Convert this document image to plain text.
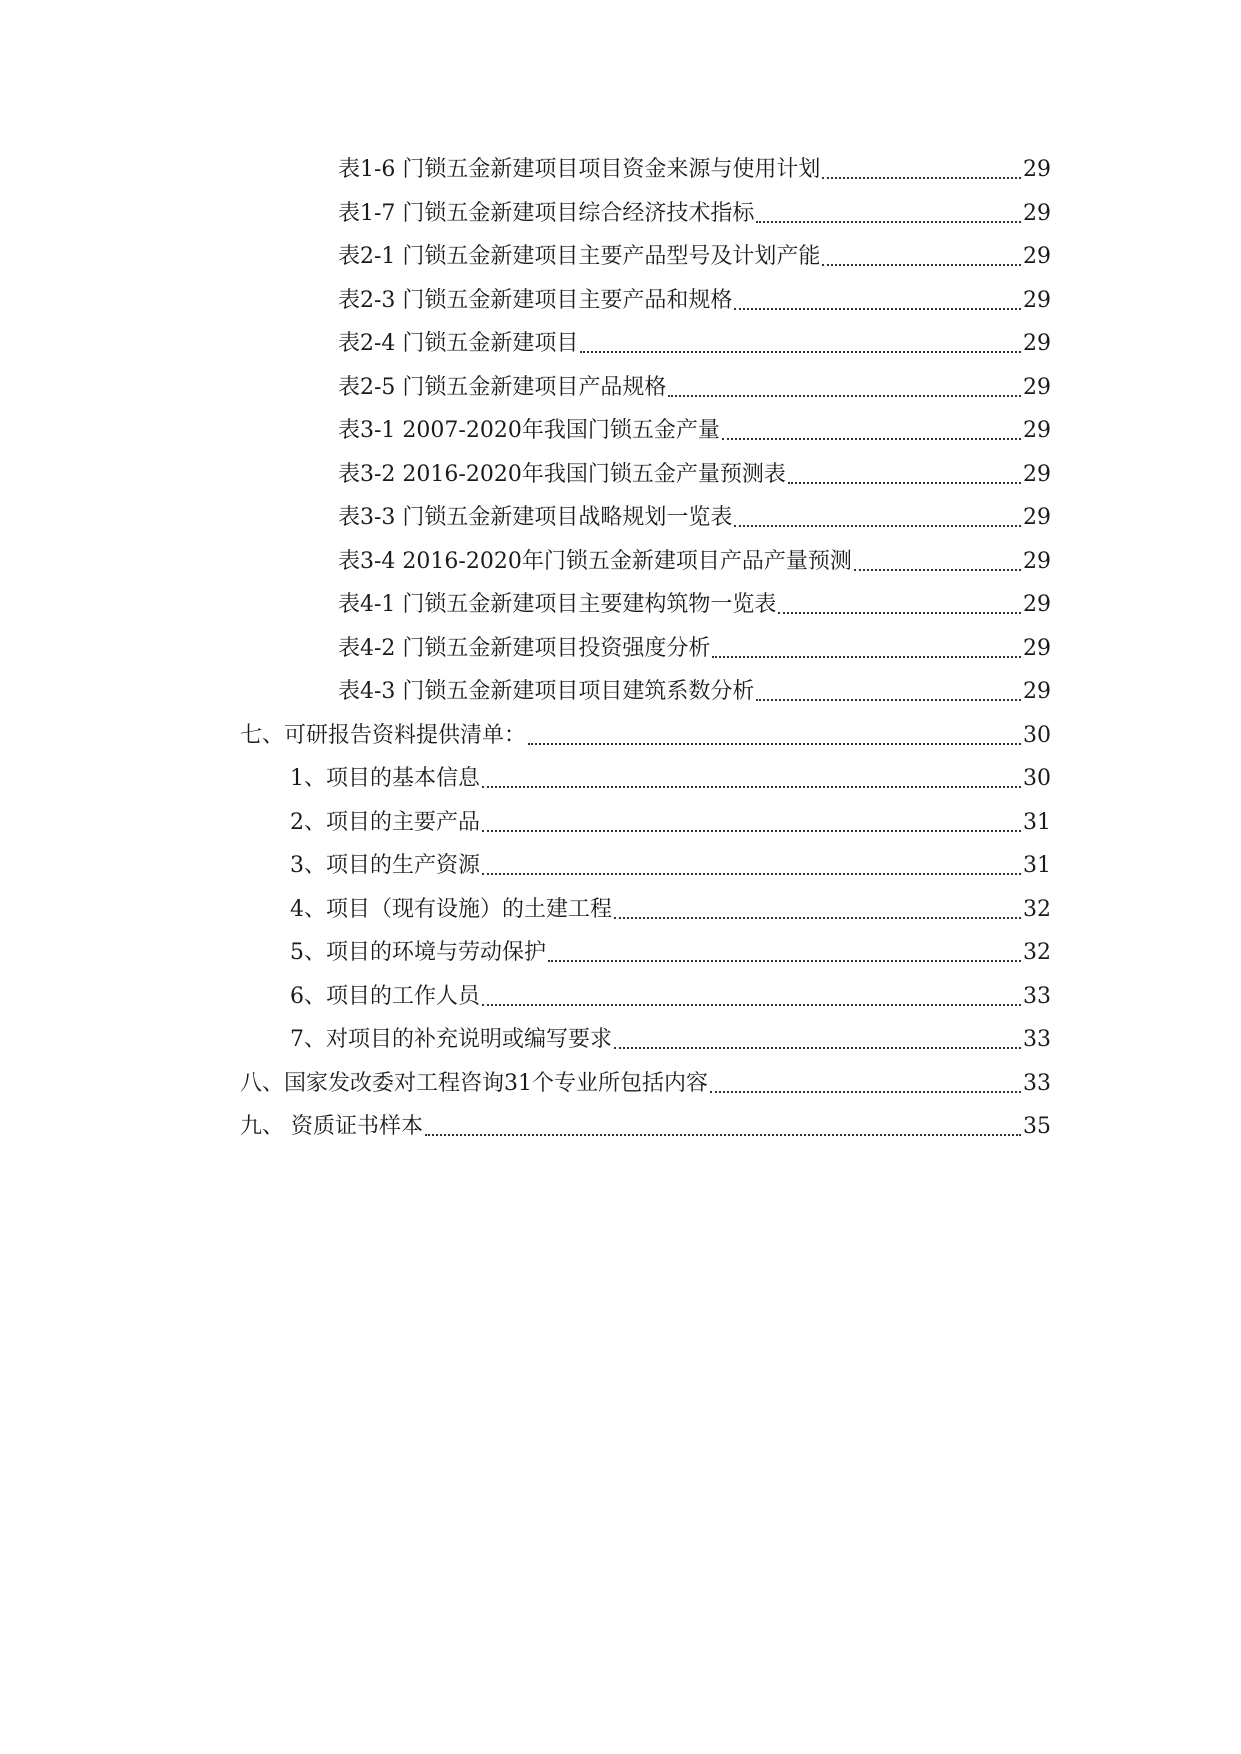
表1-6 门锁五金新建项目项目资金来源与使用计划	29
表1-7 门锁五金新建项目综合经济技术指标	29
表2-1 门锁五金新建项目主要产品型号及计划产能	29
表2-3 门锁五金新建项目主要产品和规格	29
表2-4 门锁五金新建项目	29
表2-5 门锁五金新建项目产品规格	29
表3-1 2007-2020年我国门锁五金产量	29
表3-2 2016-2020年我国门锁五金产量预测表	29
表3-3 门锁五金新建项目战略规划一览表	29
表3-4 2016-2020年门锁五金新建项目产品产量预测	29
表4-1 门锁五金新建项目主要建构筑物一览表	29
表4-2 门锁五金新建项目投资强度分析	29
表4-3 门锁五金新建项目项目建筑系数分析	29
七、可研报告资料提供清单：	30
1、项目的基本信息	30
2、项目的主要产品	31
3、项目的生产资源	31
4、项目（现有设施）的土建工程	32
5、项目的环境与劳动保护	32
6、项目的工作人员	33
7、对项目的补充说明或编写要求	33
八、国家发改委对工程咨询31个专业所包括内容	33
九、 资质证书样本	35
